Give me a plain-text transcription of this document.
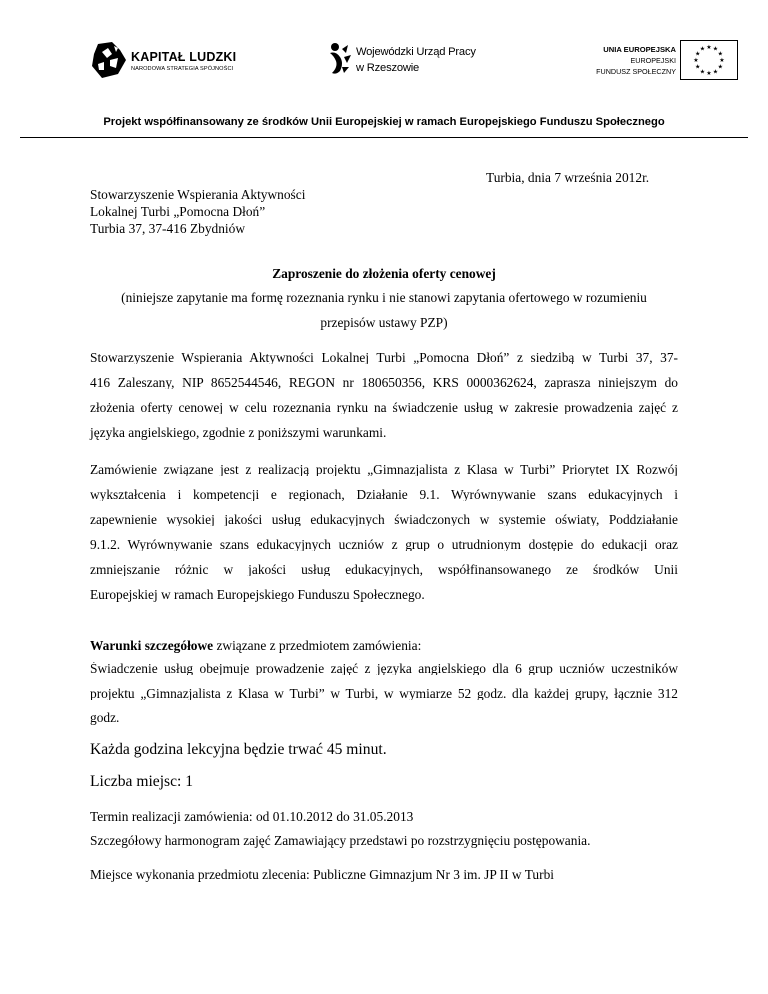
KAPITAŁ LUDZKI
NARODOWA STRATEGIA SPÓJNOŚCI
Wojewódzki Urząd Pracy
w Rzeszowie
UNIA EUROPEJSKA
EUROPEJSKI
FUNDUSZ SPOŁECZNY
★ ★
★
★
★
★
★
★
★
★
★
★
Projekt współfinansowany ze środków Unii Europejskiej w ramach Europejskiego Funduszu Społecznego
Turbia, dnia 7 września 2012r.
Stowarzyszenie Wspierania Aktywności
Lokalnej Turbi „Pomocna Dłoń”
Turbia 37, 37-416 Zbydniów
Zaproszenie do złożenia oferty cenowej
(niniejsze zapytanie ma formę rozeznania rynku i nie stanowi zapytania ofertowego w rozumieniu
przepisów ustawy PZP)
Stowarzyszenie Wspierania Aktywności Lokalnej Turbi „Pomocna Dłoń” z siedzibą w Turbi 37, 37-
416 Zaleszany, NIP 8652544546, REGON nr 180650356, KRS 0000362624, zaprasza niniejszym do
złożenia oferty cenowej w celu rozeznania rynku na świadczenie usług w zakresie prowadzenia zajęć z
języka angielskiego, zgodnie z poniższymi warunkami.
Zamówienie związane jest z realizacją projektu „Gimnazjalista z Klasa w Turbi” Priorytet IX Rozwój
wykształcenia i kompetencji e regionach, Działanie 9.1. Wyrównywanie szans edukacyjnych i
zapewnienie wysokiej jakości usług edukacyjnych świadczonych w systemie oświaty, Poddziałanie
9.1.2. Wyrównywanie szans edukacyjnych uczniów z grup o utrudnionym dostępie do edukacji oraz
zmniejszanie różnic w jakości usług edukacyjnych, współfinansowanego ze środków Unii
Europejskiej w ramach Europejskiego Funduszu Społecznego.
Warunki szczegółowe związane z przedmiotem zamówienia:
Świadczenie usług obejmuje prowadzenie zajęć z języka angielskiego dla 6 grup uczniów uczestników
projektu „Gimnazjalista z Klasa w Turbi” w Turbi, w wymiarze 52 godz. dla każdej grupy, łącznie 312
godz.
Każda godzina lekcyjna będzie trwać 45 minut.
Liczba miejsc: 1
Termin realizacji zamówienia: od 01.10.2012 do 31.05.2013
Szczegółowy harmonogram zajęć Zamawiający przedstawi po rozstrzygnięciu postępowania.
Miejsce wykonania przedmiotu zlecenia: Publiczne Gimnazjum Nr 3 im. JP II w Turbi
